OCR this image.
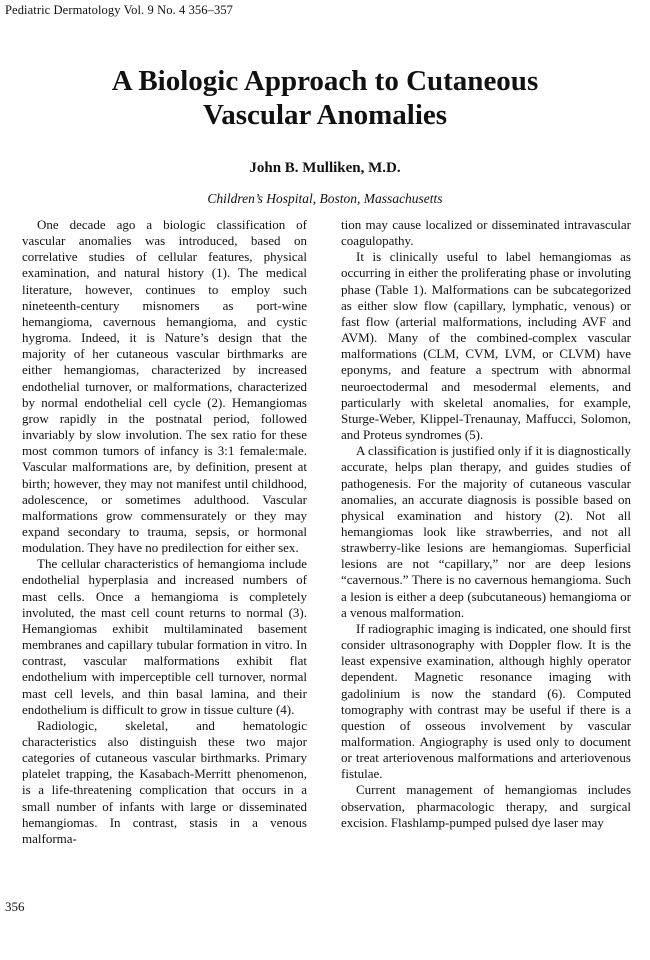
Pediatric Dermatology Vol. 9 No. 4 356–357
A Biologic Approach to Cutaneous
Vascular Anomalies
John B. Mulliken, M.D.
Children’s Hospital, Boston, Massachusetts

One decade ago a biologic classification of vascular anomalies was introduced, based on correlative studies of cellular features, physical examination, and natural history (1). The medical literature, however, continues to employ such nineteenth-century misnomers as port-wine hemangioma, cavernous hemangioma, and cystic hygroma. Indeed, it is Nature’s design that the majority of her cutaneous vascular birthmarks are either hemangiomas, characterized by increased endothelial turnover, or malformations, characterized by normal endothelial cell cycle (2). Hemangiomas grow rapidly in the postnatal period, followed invariably by slow involution. The sex ratio for these most common tumors of infancy is 3:1 female:male. Vascular malformations are, by definition, present at birth; however, they may not manifest until childhood, adolescence, or sometimes adulthood. Vascular malformations grow commensurately or they may expand secondary to trauma, sepsis, or hormonal modulation. They have no predilection for either sex.

The cellular characteristics of hemangioma include endothelial hyperplasia and increased numbers of mast cells. Once a hemangioma is completely involuted, the mast cell count returns to normal (3). Hemangiomas exhibit multilaminated basement membranes and capillary tubular formation in vitro. In contrast, vascular malformations exhibit flat endothelium with imperceptible cell turnover, normal mast cell levels, and thin basal lamina, and their endothelium is difficult to grow in tissue culture (4).

Radiologic, skeletal, and hematologic characteristics also distinguish these two major categories of cutaneous vascular birthmarks. Primary platelet trapping, the Kasabach-Merritt phenomenon, is a life-threatening complication that occurs in a small number of infants with large or disseminated hemangiomas. In contrast, stasis in a venous malforma-

tion may cause localized or disseminated intravascular coagulopathy.

It is clinically useful to label hemangiomas as occurring in either the proliferating phase or involuting phase (Table 1). Malformations can be subcategorized as either slow flow (capillary, lymphatic, venous) or fast flow (arterial malformations, including AVF and AVM). Many of the combined-complex vascular malformations (CLM, CVM, LVM, or CLVM) have eponyms, and feature a spectrum with abnormal neuroectodermal and mesodermal elements, and particularly with skeletal anomalies, for example, Sturge-Weber, Klippel-Trenaunay, Maffucci, Solomon, and Proteus syndromes (5).

A classification is justified only if it is diagnostically accurate, helps plan therapy, and guides studies of pathogenesis. For the majority of cutaneous vascular anomalies, an accurate diagnosis is possible based on physical examination and history (2). Not all hemangiomas look like strawberries, and not all strawberry-like lesions are hemangiomas. Superficial lesions are not “capillary,” nor are deep lesions “cavernous.” There is no cavernous hemangioma. Such a lesion is either a deep (subcutaneous) hemangioma or a venous malformation.

If radiographic imaging is indicated, one should first consider ultrasonography with Doppler flow. It is the least expensive examination, although highly operator dependent. Magnetic resonance imaging with gadolinium is now the standard (6). Computed tomography with contrast may be useful if there is a question of osseous involvement by vascular malformation. Angiography is used only to document or treat arteriovenous malformations and arteriovenous fistulae.

Current management of hemangiomas includes observation, pharmacologic therapy, and surgical excision. Flashlamp-pumped pulsed dye laser may

356
